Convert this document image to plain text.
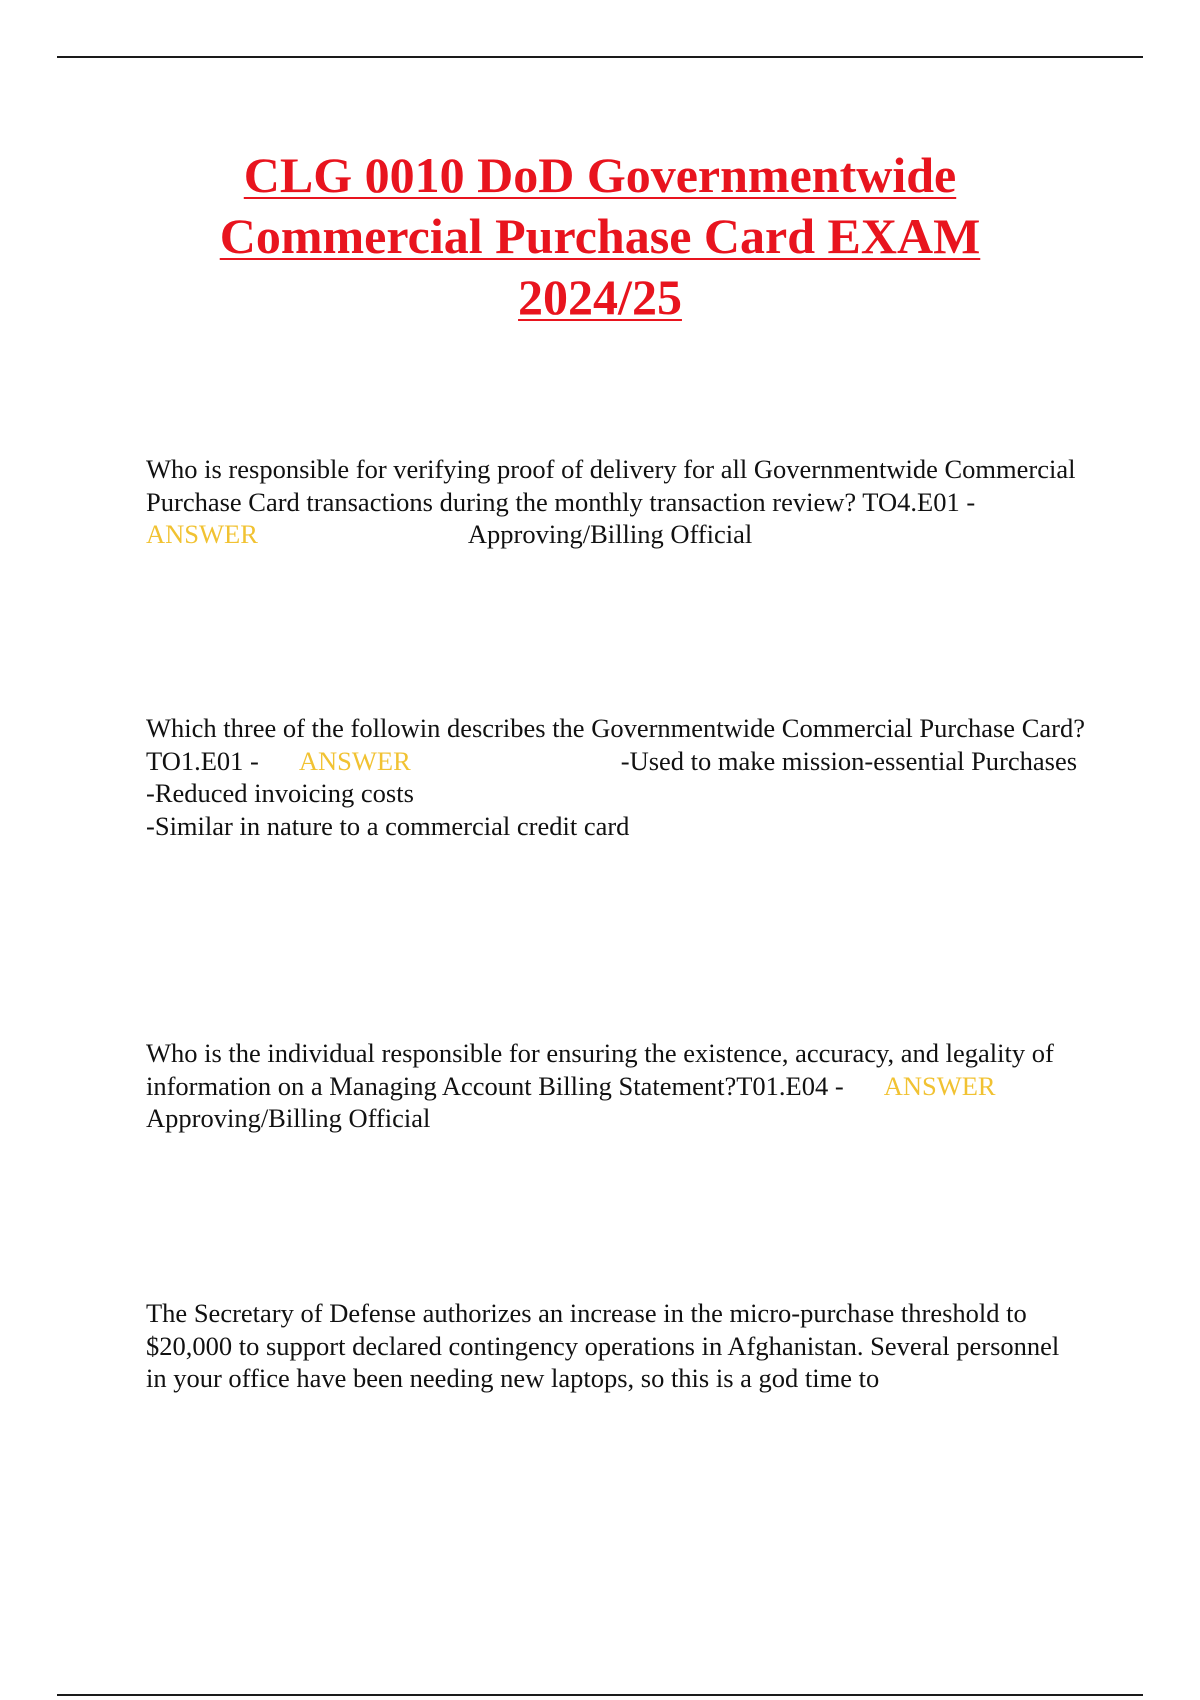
CLG 0010 DoD Governmentwide Commercial Purchase Card EXAM 2024/25

Who is responsible for verifying proof of delivery for all Governmentwide Commercial Purchase Card transactions during the monthly transaction review? TO4.E01 -ANSWER	Approving/Billing Official

Which three of the followin describes the Governmentwide Commercial Purchase Card? TO1.E01 - ANSWER	-Used to make mission-essential Purchases
-Reduced invoicing costs
-Similar in nature to a commercial credit card

Who is the individual responsible for ensuring the existence, accuracy, and legality of information on a Managing Account Billing Statement?T01.E04 - ANSWER
Approving/Billing Official

The Secretary of Defense authorizes an increase in the micro-purchase threshold to $20,000 to support declared contingency operations in Afghanistan. Several personnel in your office have been needing new laptops, so this is a god time to
